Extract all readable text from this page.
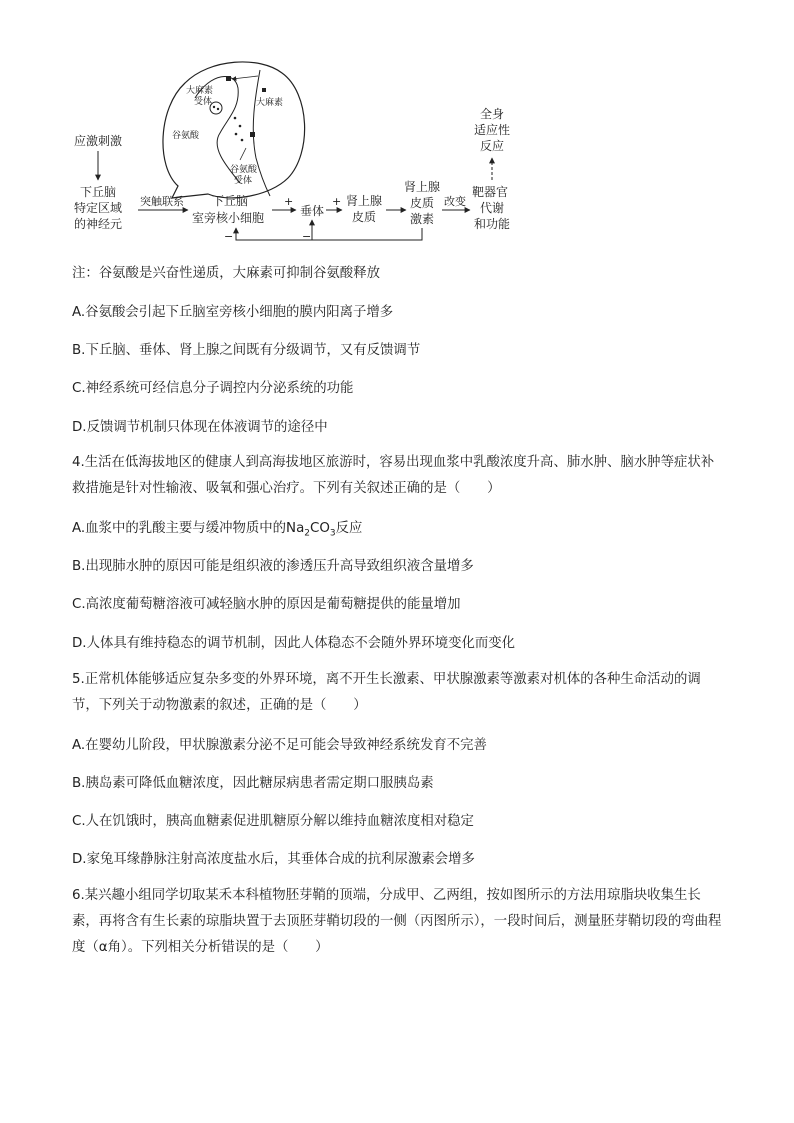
大麻素
受体	大麻素
谷氨酸
谷氨酸
受体
应激刺激
下丘脑
特定区域
的神经元
突触联系 下丘脑
室旁核小细胞
+
垂体
+ 肾上腺
皮质
肾上腺
皮质
激素
改变
靶器官
代谢
和功能
全身
适应性
反应
−	−
注：谷氨酸是兴奋性递质，大麻素可抑制谷氨酸释放
A.谷氨酸会引起下丘脑室旁核小细胞的膜内阳离子增多
B.下丘脑、垂体、肾上腺之间既有分级调节，又有反馈调节
C.神经系统可经信息分子调控内分泌系统的功能
D.反馈调节机制只体现在体液调节的途径中
4.生活在低海拔地区的健康人到高海拔地区旅游时，容易出现血浆中乳酸浓度升高、肺水肿、脑水肿等症状补救措施是针对性输液、吸氧和强心治疗。下列有关叙述正确的是（　　）
A.血浆中的乳酸主要与缓冲物质中的$Na_2CO_3$反应
B.出现肺水肿的原因可能是组织液的渗透压升高导致组织液含量增多
C.高浓度葡萄糖溶液可减轻脑水肿的原因是葡萄糖提供的能量增加
D.人体具有维持稳态的调节机制，因此人体稳态不会随外界环境变化而变化
5.正常机体能够适应复杂多变的外界环境，离不开生长激素、甲状腺激素等激素对机体的各种生命活动的调节，下列关于动物激素的叙述，正确的是（　　）
A.在婴幼儿阶段，甲状腺激素分泌不足可能会导致神经系统发育不完善
B.胰岛素可降低血糖浓度，因此糖尿病患者需定期口服胰岛素
C.人在饥饿时，胰高血糖素促进肌糖原分解以维持血糖浓度相对稳定
D.家兔耳缘静脉注射高浓度盐水后，其垂体合成的抗利尿激素会增多
6.某兴趣小组同学切取某禾本科植物胚芽鞘的顶端，分成甲、乙两组，按如图所示的方法用琼脂块收集生长素，再将含有生长素的琼脂块置于去顶胚芽鞘切段的一侧（丙图所示），一段时间后，测量胚芽鞘切段的弯曲程度（α角）。下列相关分析错误的是（　　）
